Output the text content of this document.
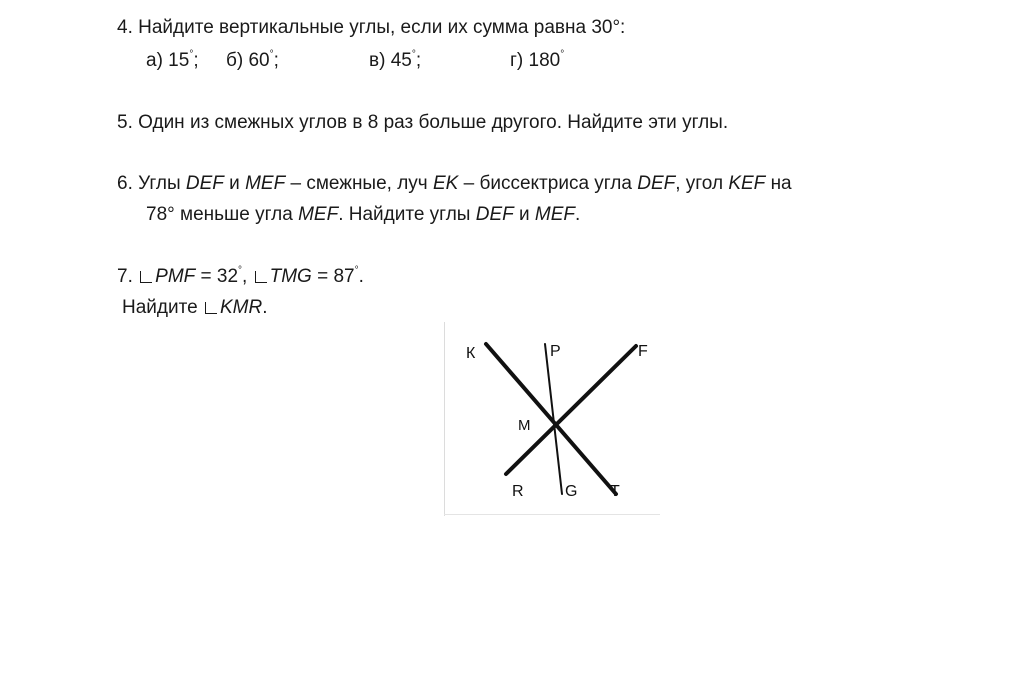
4. Найдите вертикальные углы, если их сумма равна 30°:
а) 15°; б) 60°;	в) 45°;	г) 180°
5. Один из смежных углов в 8 раз больше другого. Найдите эти углы.
6. Углы DEF и MEF – смежные, луч EK – биссектриса угла DEF, угол KEF на
78° меньше угла MEF. Найдите углы DEF и MEF.
7. PMF = 32°, TMG = 87°.
Найдите KMR.
К	P	F
M
R	G T
